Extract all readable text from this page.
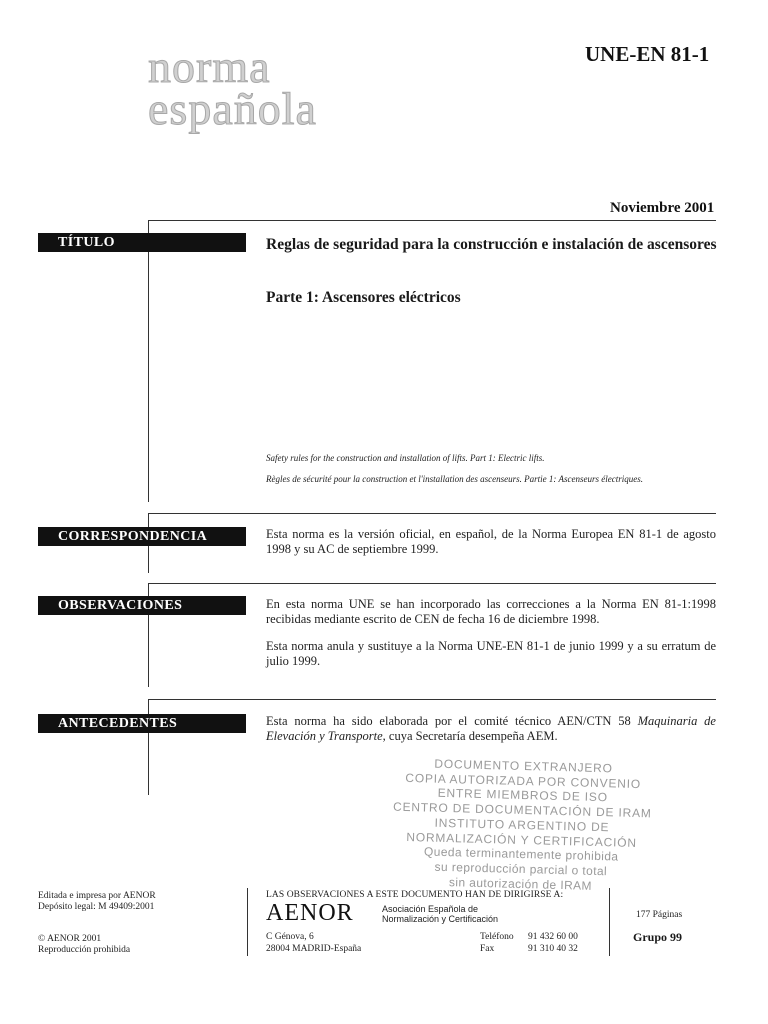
norma
española
UNE-EN 81-1
Noviembre 2001
TÍTULO	Reglas de seguridad para la construcción e instalación de ascensores
Parte 1: Ascensores eléctricos
Safety rules for the construction and installation of lifts. Part 1: Electric lifts.
Règles de sécurité pour la construction et l'installation des ascenseurs. Partie 1: Ascenseurs électriques.
CORRESPONDENCIA	Esta norma es la versión oficial, en español, de la Norma Europea EN 81-1 de agosto 1998 y su AC de septiembre 1999.
OBSERVACIONES	En esta norma UNE se han incorporado las correcciones a la Norma EN 81-1:1998 recibidas mediante escrito de CEN de fecha 16 de diciembre 1998.
Esta norma anula y sustituye a la Norma UNE-EN 81-1 de junio 1999 y a su erratum de julio 1999.
ANTECEDENTES	Esta norma ha sido elaborada por el comité técnico AEN/CTN 58 Maquinaria de Elevación y Transporte, cuya Secretaría desempeña AEM.
DOCUMENTO EXTRANJERO
COPIA AUTORIZADA POR CONVENIO
ENTRE MIEMBROS DE ISO
CENTRO DE DOCUMENTACIÓN DE IRAM
INSTITUTO ARGENTINO DE
NORMALIZACIÓN Y CERTIFICACIÓN
Queda terminantemente prohibida
su reproducción parcial o total
sin autorización de IRAM
Editada e impresa por AENOR
Depósito legal: M 49409:2001
© AENOR 2001
Reproducción prohibida
LAS OBSERVACIONES A ESTE DOCUMENTO HAN DE DIRIGIRSE A:
AENOR	Asociación Española de
Normalización y Certificación
C Génova, 6
28004 MADRID-España
Teléfono 91 432 60 00
Fax	91 310 40 32
177 Páginas
Grupo 99
